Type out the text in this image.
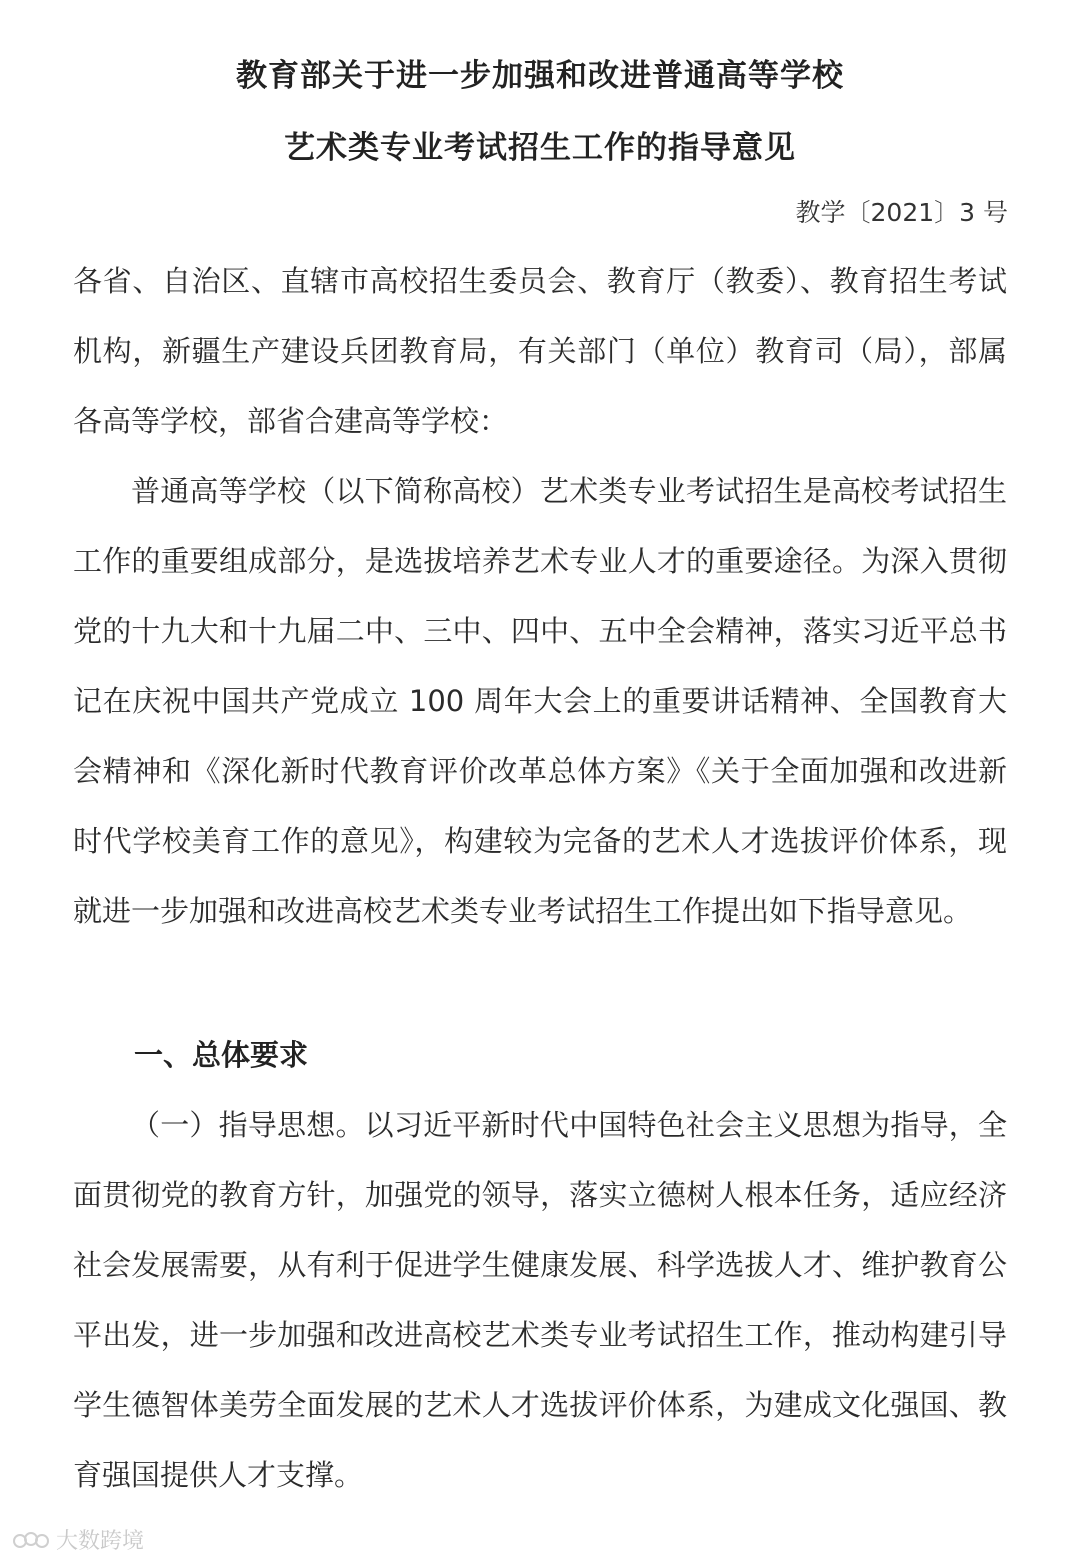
教育部关于进一步加强和改进普通高等学校
艺术类专业考试招生工作的指导意见
教学〔2021〕3 号

各省、自治区、直辖市高校招生委员会、教育厅（教委）、教育招生考试机构，新疆生产建设兵团教育局，有关部门（单位）教育司（局），部属各高等学校，部省合建高等学校：

普通高等学校（以下简称高校）艺术类专业考试招生是高校考试招生工作的重要组成部分，是选拔培养艺术专业人才的重要途径。为深入贯彻党的十九大和十九届二中、三中、四中、五中全会精神，落实习近平总书记在庆祝中国共产党成立 100 周年大会上的重要讲话精神、全国教育大会精神和《深化新时代教育评价改革总体方案》《关于全面加强和改进新时代学校美育工作的意见》，构建较为完备的艺术人才选拔评价体系，现就进一步加强和改进高校艺术类专业考试招生工作提出如下指导意见。

一、总体要求

（一）指导思想。以习近平新时代中国特色社会主义思想为指导，全面贯彻党的教育方针，加强党的领导，落实立德树人根本任务，适应经济社会发展需要，从有利于促进学生健康发展、科学选拔人才、维护教育公平出发，进一步加强和改进高校艺术类专业考试招生工作，推动构建引导学生德智体美劳全面发展的艺术人才选拔评价体系，为建成文化强国、教育强国提供人才支撑。

大数跨境
